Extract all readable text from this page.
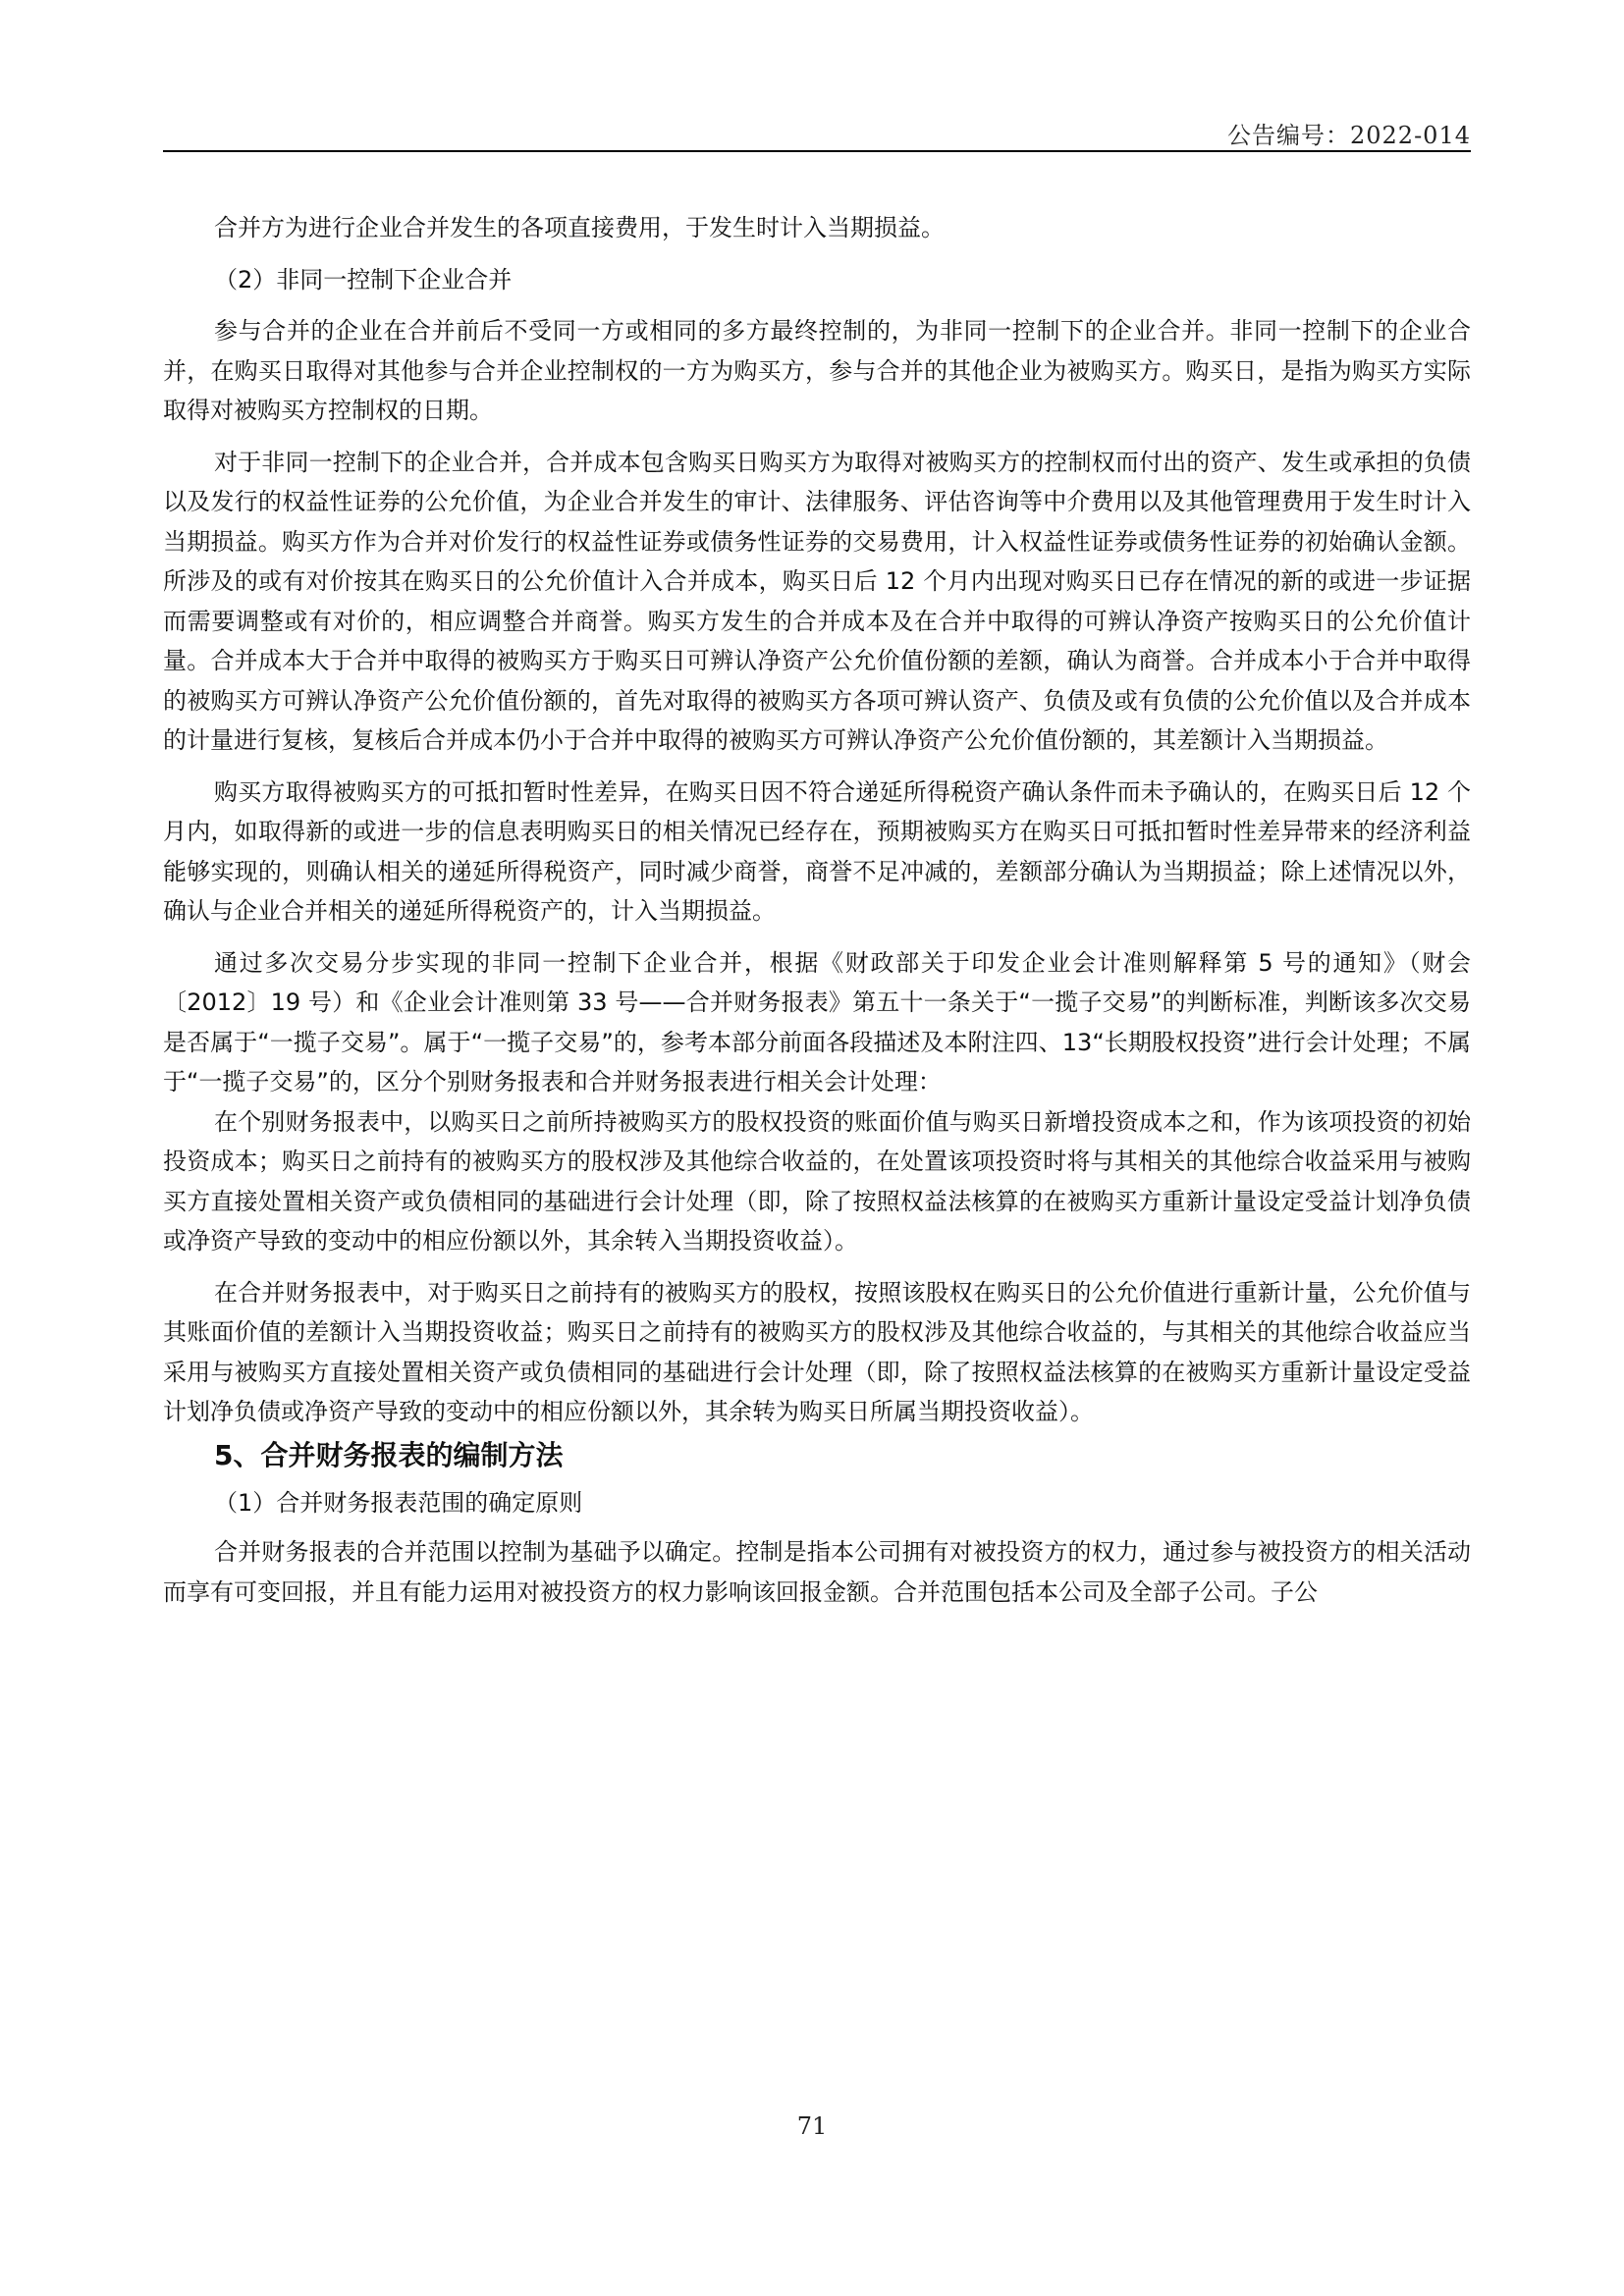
公告编号：2022-014

合并方为进行企业合并发生的各项直接费用，于发生时计入当期损益。

（2）非同一控制下企业合并

参与合并的企业在合并前后不受同一方或相同的多方最终控制的，为非同一控制下的企业合并。非同一控制下的企业合并，在购买日取得对其他参与合并企业控制权的一方为购买方，参与合并的其他企业为被购买方。购买日，是指为购买方实际取得对被购买方控制权的日期。

对于非同一控制下的企业合并，合并成本包含购买日购买方为取得对被购买方的控制权而付出的资产、发生或承担的负债以及发行的权益性证券的公允价值，为企业合并发生的审计、法律服务、评估咨询等中介费用以及其他管理费用于发生时计入当期损益。购买方作为合并对价发行的权益性证券或债务性证券的交易费用，计入权益性证券或债务性证券的初始确认金额。所涉及的或有对价按其在购买日的公允价值计入合并成本，购买日后 12 个月内出现对购买日已存在情况的新的或进一步证据而需要调整或有对价的，相应调整合并商誉。购买方发生的合并成本及在合并中取得的可辨认净资产按购买日的公允价值计量。合并成本大于合并中取得的被购买方于购买日可辨认净资产公允价值份额的差额，确认为商誉。合并成本小于合并中取得的被购买方可辨认净资产公允价值份额的，首先对取得的被购买方各项可辨认资产、负债及或有负债的公允价值以及合并成本的计量进行复核，复核后合并成本仍小于合并中取得的被购买方可辨认净资产公允价值份额的，其差额计入当期损益。

购买方取得被购买方的可抵扣暂时性差异，在购买日因不符合递延所得税资产确认条件而未予确认的，在购买日后 12 个月内，如取得新的或进一步的信息表明购买日的相关情况已经存在，预期被购买方在购买日可抵扣暂时性差异带来的经济利益能够实现的，则确认相关的递延所得税资产，同时减少商誉，商誉不足冲减的，差额部分确认为当期损益；除上述情况以外，确认与企业合并相关的递延所得税资产的，计入当期损益。

通过多次交易分步实现的非同一控制下企业合并，根据《财政部关于印发企业会计准则解释第 5 号的通知》（财会〔2012〕19 号）和《企业会计准则第 33 号——合并财务报表》第五十一条关于“一揽子交易”的判断标准，判断该多次交易是否属于“一揽子交易”。属于“一揽子交易”的，参考本部分前面各段描述及本附注四、13“长期股权投资”进行会计处理；不属于“一揽子交易”的，区分个别财务报表和合并财务报表进行相关会计处理：

在个别财务报表中，以购买日之前所持被购买方的股权投资的账面价值与购买日新增投资成本之和，作为该项投资的初始投资成本；购买日之前持有的被购买方的股权涉及其他综合收益的，在处置该项投资时将与其相关的其他综合收益采用与被购买方直接处置相关资产或负债相同的基础进行会计处理（即，除了按照权益法核算的在被购买方重新计量设定受益计划净负债或净资产导致的变动中的相应份额以外，其余转入当期投资收益）。

在合并财务报表中，对于购买日之前持有的被购买方的股权，按照该股权在购买日的公允价值进行重新计量，公允价值与其账面价值的差额计入当期投资收益；购买日之前持有的被购买方的股权涉及其他综合收益的，与其相关的其他综合收益应当采用与被购买方直接处置相关资产或负债相同的基础进行会计处理（即，除了按照权益法核算的在被购买方重新计量设定受益计划净负债或净资产导致的变动中的相应份额以外，其余转为购买日所属当期投资收益）。

5、合并财务报表的编制方法

（1）合并财务报表范围的确定原则

合并财务报表的合并范围以控制为基础予以确定。控制是指本公司拥有对被投资方的权力，通过参与被投资方的相关活动而享有可变回报，并且有能力运用对被投资方的权力影响该回报金额。合并范围包括本公司及全部子公司。子公

71
